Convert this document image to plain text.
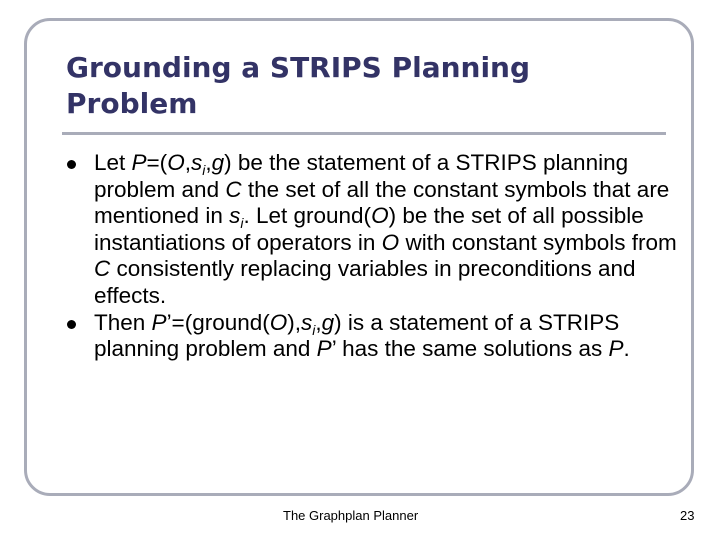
Grounding a STRIPS Planning
Problem
Let $P=(O,s_i,g)$ be the statement of a STRIPS planning problem and C the set of all the constant symbols that are mentioned in $s_i$. Let ground(O) be the set of all possible instantiations of operators in O with constant symbols from C consistently replacing variables in preconditions and effects.
Then $P’=(ground(O),s_i,g)$ is a statement of a STRIPS planning problem and P’ has the same solutions as P.
The Graphplan Planner	23
